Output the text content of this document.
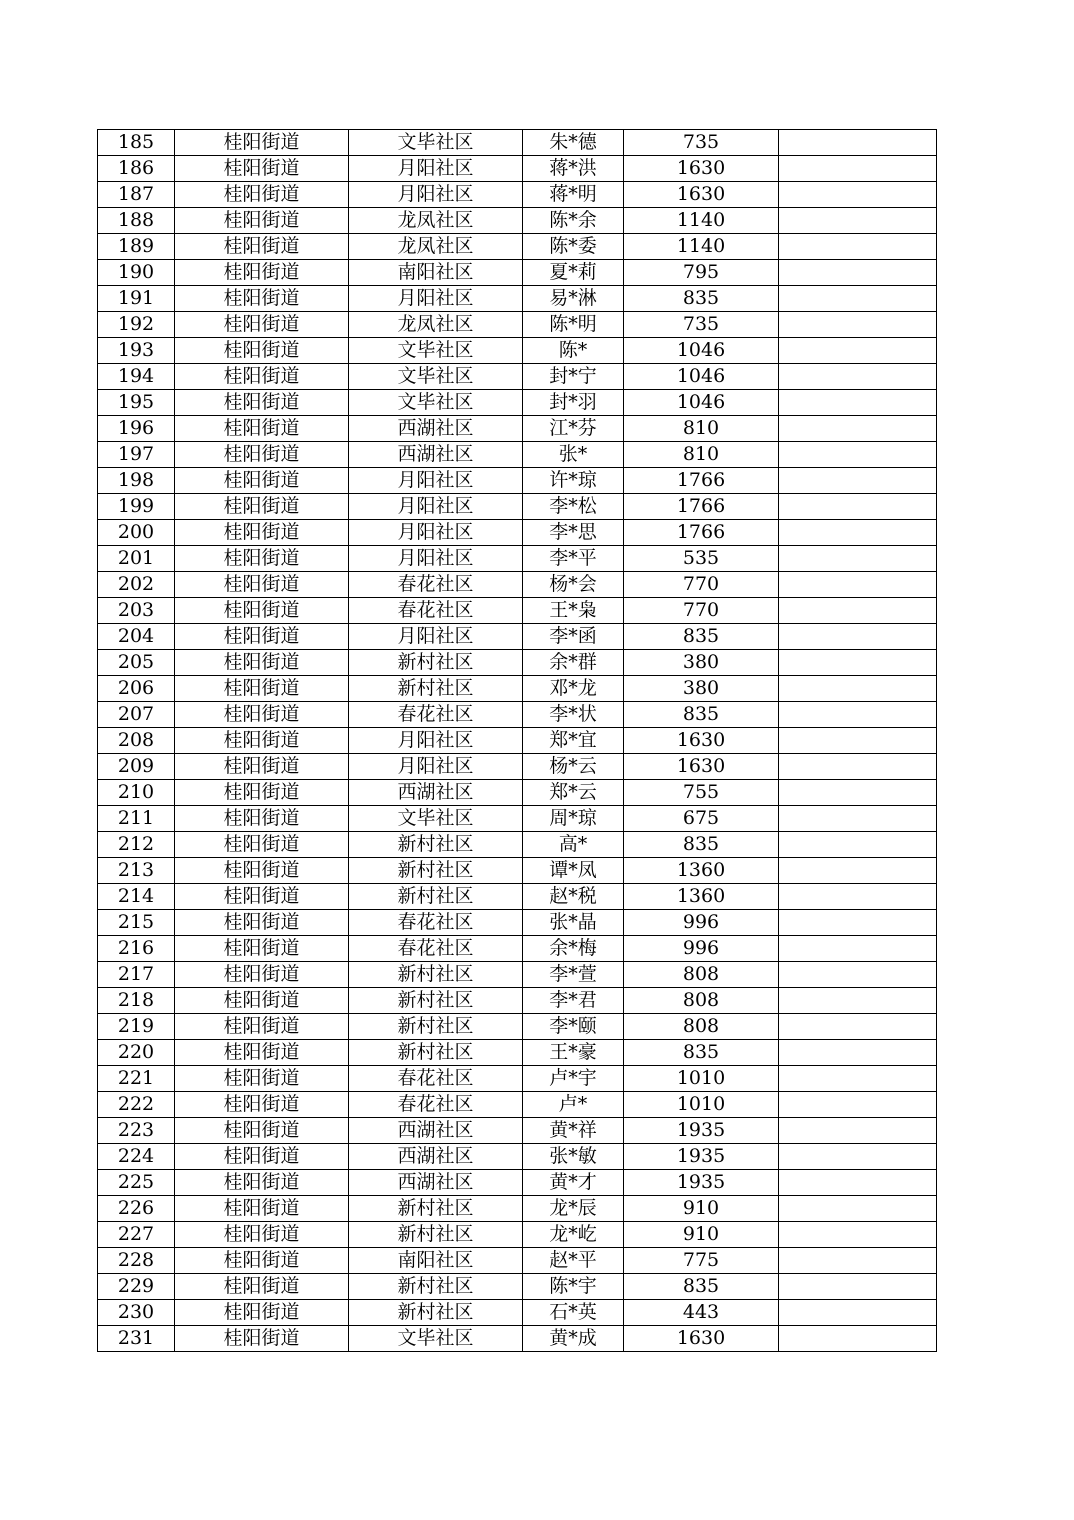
185	桂阳街道	文毕社区	朱*德	735	
186	桂阳街道	月阳社区	蒋*洪	1630	
187	桂阳街道	月阳社区	蒋*明	1630	
188	桂阳街道	龙凤社区	陈*余	1140	
189	桂阳街道	龙凤社区	陈*委	1140	
190	桂阳街道	南阳社区	夏*莉	795	
191	桂阳街道	月阳社区	易*淋	835	
192	桂阳街道	龙凤社区	陈*明	735	
193	桂阳街道	文毕社区	陈*	1046	
194	桂阳街道	文毕社区	封*宁	1046	
195	桂阳街道	文毕社区	封*羽	1046	
196	桂阳街道	西湖社区	江*芬	810	
197	桂阳街道	西湖社区	张*	810	
198	桂阳街道	月阳社区	许*琼	1766	
199	桂阳街道	月阳社区	李*松	1766	
200	桂阳街道	月阳社区	李*思	1766	
201	桂阳街道	月阳社区	李*平	535	
202	桂阳街道	春花社区	杨*会	770	
203	桂阳街道	春花社区	王*枭	770	
204	桂阳街道	月阳社区	李*函	835	
205	桂阳街道	新村社区	余*群	380	
206	桂阳街道	新村社区	邓*龙	380	
207	桂阳街道	春花社区	李*状	835	
208	桂阳街道	月阳社区	郑*宜	1630	
209	桂阳街道	月阳社区	杨*云	1630	
210	桂阳街道	西湖社区	郑*云	755	
211	桂阳街道	文毕社区	周*琼	675	
212	桂阳街道	新村社区	高*	835	
213	桂阳街道	新村社区	谭*凤	1360	
214	桂阳街道	新村社区	赵*税	1360	
215	桂阳街道	春花社区	张*晶	996	
216	桂阳街道	春花社区	余*梅	996	
217	桂阳街道	新村社区	李*萱	808	
218	桂阳街道	新村社区	李*君	808	
219	桂阳街道	新村社区	李*颐	808	
220	桂阳街道	新村社区	王*豪	835	
221	桂阳街道	春花社区	卢*宇	1010	
222	桂阳街道	春花社区	卢*	1010	
223	桂阳街道	西湖社区	黄*祥	1935	
224	桂阳街道	西湖社区	张*敏	1935	
225	桂阳街道	西湖社区	黄*才	1935	
226	桂阳街道	新村社区	龙*辰	910	
227	桂阳街道	新村社区	龙*屹	910	
228	桂阳街道	南阳社区	赵*平	775	
229	桂阳街道	新村社区	陈*宇	835	
230	桂阳街道	新村社区	石*英	443	
231	桂阳街道	文毕社区	黄*成	1630	
